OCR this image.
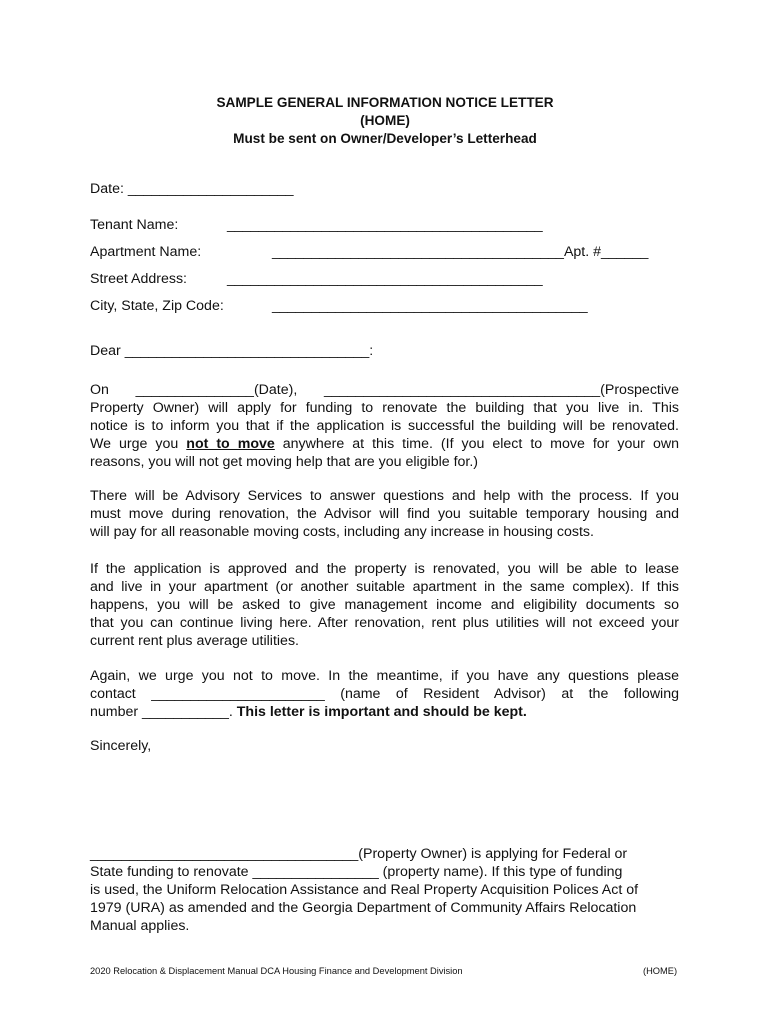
SAMPLE GENERAL INFORMATION NOTICE LETTER
(HOME)
Must be sent on Owner/Developer’s Letterhead
Date: _____________________
Tenant Name:	________________________________________
Apartment Name:	_____________________________________Apt. #______
Street Address:	________________________________________
City, State, Zip Code:	________________________________________
Dear _______________________________:
On _______________(Date), ___________________________________(Prospective
Property Owner) will apply for funding to renovate the building that you live in. This
notice is to inform you that if the application is successful the building will be renovated.
We urge you not to move anywhere at this time. (If you elect to move for your own
reasons, you will not get moving help that are you eligible for.)
There will be Advisory Services to answer questions and help with the process. If you
must move during renovation, the Advisor will find you suitable temporary housing and
will pay for all reasonable moving costs, including any increase in housing costs.
If the application is approved and the property is renovated, you will be able to lease
and live in your apartment (or another suitable apartment in the same complex). If this
happens, you will be asked to give management income and eligibility documents so
that you can continue living here. After renovation, rent plus utilities will not exceed your
current rent plus average utilities.
Again, we urge you not to move. In the meantime, if you have any questions please
contact ______________________ (name of Resident Advisor) at the following
number ___________. This letter is important and should be kept.
Sincerely,
__________________________________(Property Owner) is applying for Federal or
State funding to renovate ________________ (property name). If this type of funding
is used, the Uniform Relocation Assistance and Real Property Acquisition Polices Act of
1979 (URA) as amended and the Georgia Department of Community Affairs Relocation
Manual applies.
2020 Relocation & Displacement Manual DCA Housing Finance and Development Division	(HOME)
